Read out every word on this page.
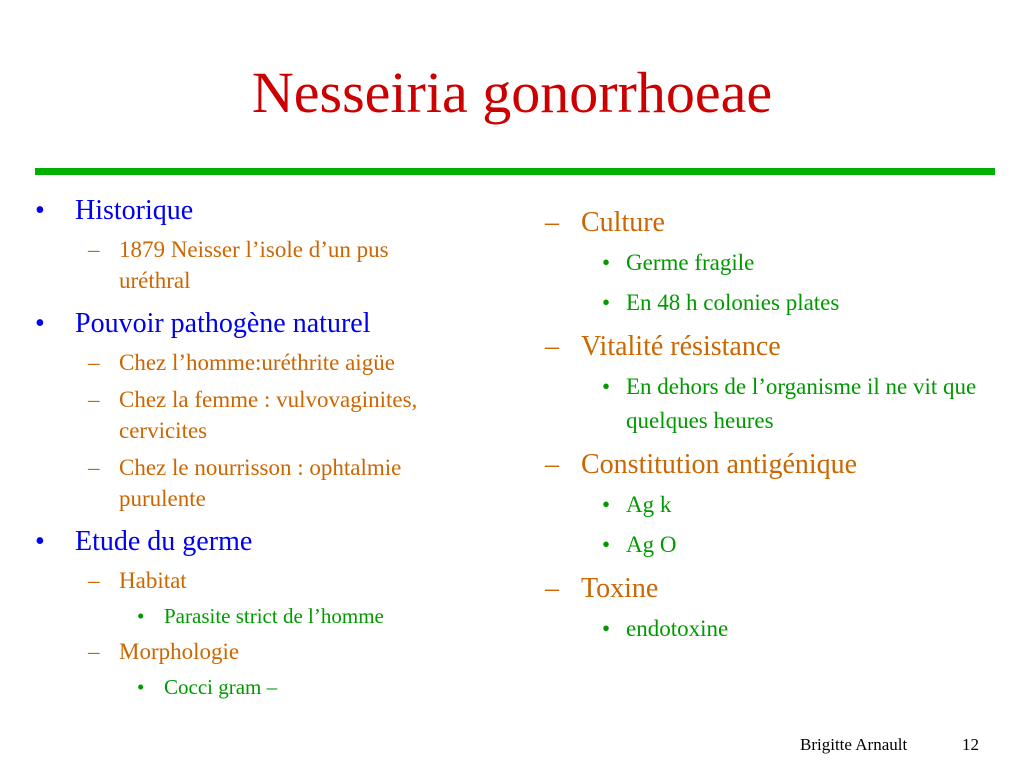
Nesseiria gonorrhoeae
• Historique
– 1879 Neisser l’isole d’un pus uréthral
• Pouvoir pathogène naturel
– Chez l’homme:uréthrite aigüe
– Chez la femme : vulvovaginites, cervicites
– Chez le nourrisson : ophtalmie purulente
• Etude du germe
– Habitat
• Parasite strict de l’homme
– Morphologie
• Cocci gram –
– Culture
• Germe fragile
• En 48 h colonies plates
– Vitalité résistance
• En dehors de l’organisme il ne vit que quelques heures
– Constitution antigénique
• Ag k
• Ag O
– Toxine
• endotoxine
Brigitte Arnault	12
